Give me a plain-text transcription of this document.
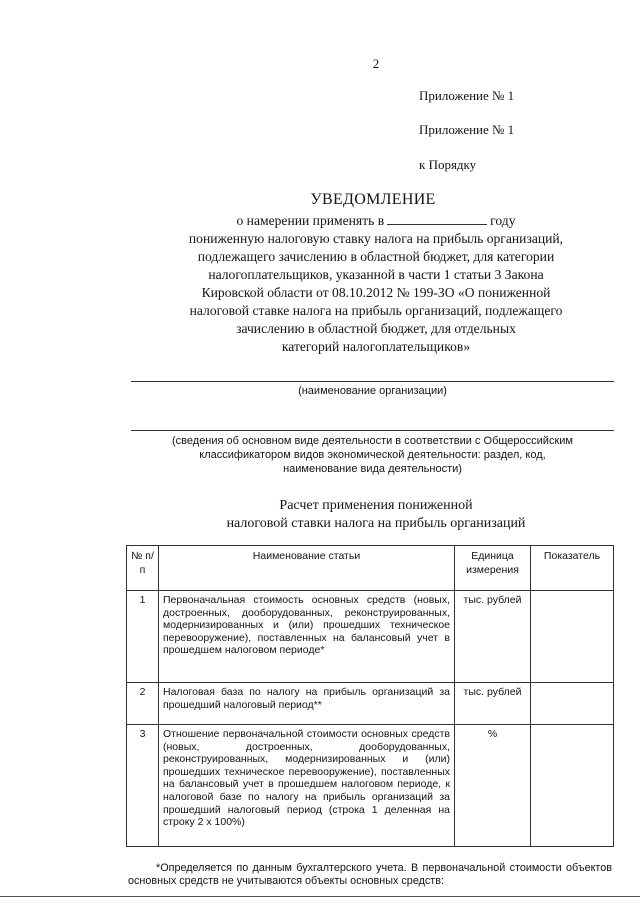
2
Приложение № 1
Приложение № 1
к Порядку
УВЕДОМЛЕНИЕ
о намерении применять в	году
пониженную налоговую ставку налога на прибыль организаций,
подлежащего зачислению в областной бюджет, для категории
налогоплательщиков, указанной в части 1 статьи 3 Закона
Кировской области от 08.10.2012 № 199-ЗО «О пониженной
налоговой ставке налога на прибыль организаций, подлежащего
зачислению в областной бюджет, для отдельных
категорий налогоплательщиков»
(наименование организации)
(сведения об основном виде деятельности в соответствии с Общероссийским
классификатором видов экономической деятельности: раздел, код,
наименование вида деятельности)
Расчет применения пониженной
налоговой ставки налога на прибыль организаций
№ п/п	Наименование статьи	Единица измерения	Показатель
1	Первоначальная стоимость основных средств (новых, достроенных, дооборудованных, реконструированных, модернизированных и (или) прошедших техническое перевооружение), поставленных на балансовый учет в прошедшем налоговом периоде*	тыс. рублей	
2	Налоговая база по налогу на прибыль организаций за прошедший налоговый период**	тыс. рублей	
3	Отношение первоначальной стоимости основных средств (новых, достроенных, дооборудованных, реконструированных, модернизированных и (или) прошедших техническое перевооружение), поставленных на балансовый учет в прошедшем налоговом периоде, к налоговой базе по налогу на прибыль организаций за прошедший налоговый период (строка 1 деленная на строку 2 х 100%)	%	
*Определяется по данным бухгалтерского учета. В первоначальной стоимости объектов основных средств не учитываются объекты основных средств:
